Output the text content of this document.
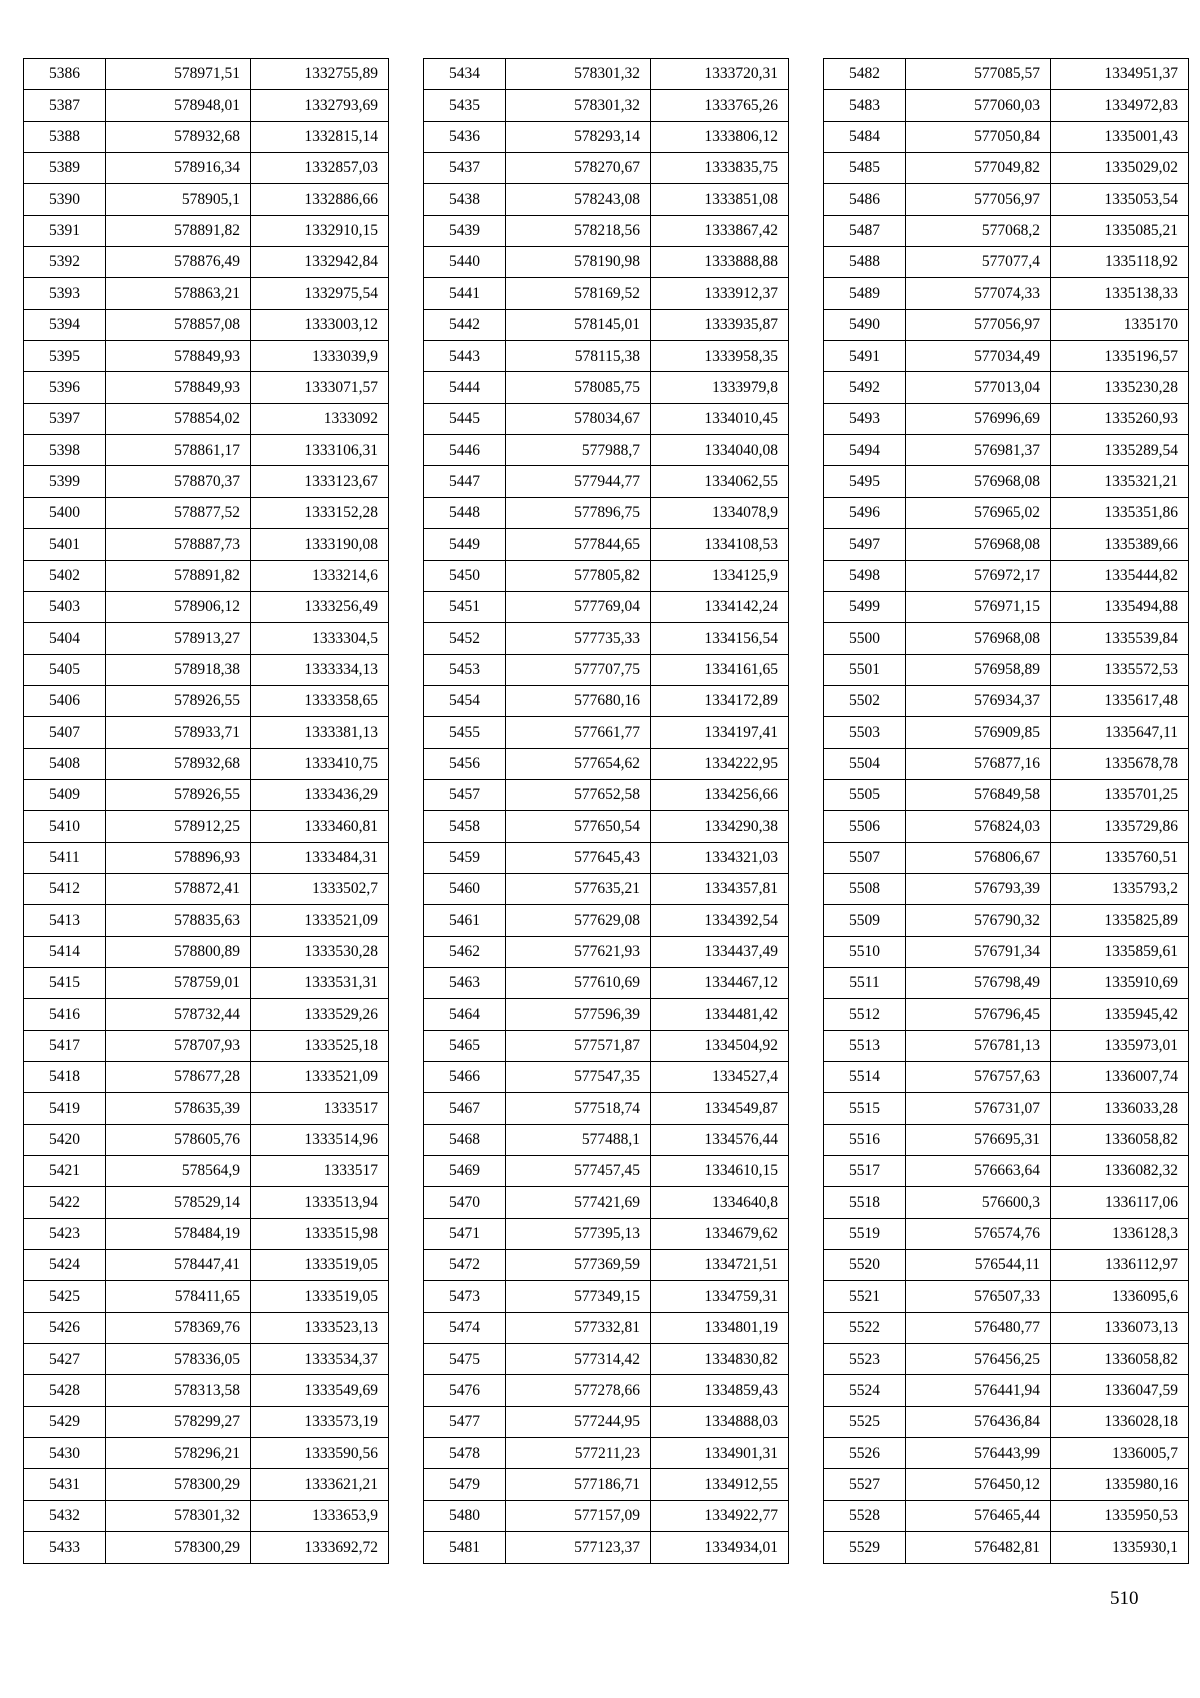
5386	578971,51	1332755,89
5387	578948,01	1332793,69
5388	578932,68	1332815,14
5389	578916,34	1332857,03
5390	578905,1	1332886,66
5391	578891,82	1332910,15
5392	578876,49	1332942,84
5393	578863,21	1332975,54
5394	578857,08	1333003,12
5395	578849,93	1333039,9
5396	578849,93	1333071,57
5397	578854,02	1333092
5398	578861,17	1333106,31
5399	578870,37	1333123,67
5400	578877,52	1333152,28
5401	578887,73	1333190,08
5402	578891,82	1333214,6
5403	578906,12	1333256,49
5404	578913,27	1333304,5
5405	578918,38	1333334,13
5406	578926,55	1333358,65
5407	578933,71	1333381,13
5408	578932,68	1333410,75
5409	578926,55	1333436,29
5410	578912,25	1333460,81
5411	578896,93	1333484,31
5412	578872,41	1333502,7
5413	578835,63	1333521,09
5414	578800,89	1333530,28
5415	578759,01	1333531,31
5416	578732,44	1333529,26
5417	578707,93	1333525,18
5418	578677,28	1333521,09
5419	578635,39	1333517
5420	578605,76	1333514,96
5421	578564,9	1333517
5422	578529,14	1333513,94
5423	578484,19	1333515,98
5424	578447,41	1333519,05
5425	578411,65	1333519,05
5426	578369,76	1333523,13
5427	578336,05	1333534,37
5428	578313,58	1333549,69
5429	578299,27	1333573,19
5430	578296,21	1333590,56
5431	578300,29	1333621,21
5432	578301,32	1333653,9
5433	578300,29	1333692,72
5434	578301,32	1333720,31
5435	578301,32	1333765,26
5436	578293,14	1333806,12
5437	578270,67	1333835,75
5438	578243,08	1333851,08
5439	578218,56	1333867,42
5440	578190,98	1333888,88
5441	578169,52	1333912,37
5442	578145,01	1333935,87
5443	578115,38	1333958,35
5444	578085,75	1333979,8
5445	578034,67	1334010,45
5446	577988,7	1334040,08
5447	577944,77	1334062,55
5448	577896,75	1334078,9
5449	577844,65	1334108,53
5450	577805,82	1334125,9
5451	577769,04	1334142,24
5452	577735,33	1334156,54
5453	577707,75	1334161,65
5454	577680,16	1334172,89
5455	577661,77	1334197,41
5456	577654,62	1334222,95
5457	577652,58	1334256,66
5458	577650,54	1334290,38
5459	577645,43	1334321,03
5460	577635,21	1334357,81
5461	577629,08	1334392,54
5462	577621,93	1334437,49
5463	577610,69	1334467,12
5464	577596,39	1334481,42
5465	577571,87	1334504,92
5466	577547,35	1334527,4
5467	577518,74	1334549,87
5468	577488,1	1334576,44
5469	577457,45	1334610,15
5470	577421,69	1334640,8
5471	577395,13	1334679,62
5472	577369,59	1334721,51
5473	577349,15	1334759,31
5474	577332,81	1334801,19
5475	577314,42	1334830,82
5476	577278,66	1334859,43
5477	577244,95	1334888,03
5478	577211,23	1334901,31
5479	577186,71	1334912,55
5480	577157,09	1334922,77
5481	577123,37	1334934,01
5482	577085,57	1334951,37
5483	577060,03	1334972,83
5484	577050,84	1335001,43
5485	577049,82	1335029,02
5486	577056,97	1335053,54
5487	577068,2	1335085,21
5488	577077,4	1335118,92
5489	577074,33	1335138,33
5490	577056,97	1335170
5491	577034,49	1335196,57
5492	577013,04	1335230,28
5493	576996,69	1335260,93
5494	576981,37	1335289,54
5495	576968,08	1335321,21
5496	576965,02	1335351,86
5497	576968,08	1335389,66
5498	576972,17	1335444,82
5499	576971,15	1335494,88
5500	576968,08	1335539,84
5501	576958,89	1335572,53
5502	576934,37	1335617,48
5503	576909,85	1335647,11
5504	576877,16	1335678,78
5505	576849,58	1335701,25
5506	576824,03	1335729,86
5507	576806,67	1335760,51
5508	576793,39	1335793,2
5509	576790,32	1335825,89
5510	576791,34	1335859,61
5511	576798,49	1335910,69
5512	576796,45	1335945,42
5513	576781,13	1335973,01
5514	576757,63	1336007,74
5515	576731,07	1336033,28
5516	576695,31	1336058,82
5517	576663,64	1336082,32
5518	576600,3	1336117,06
5519	576574,76	1336128,3
5520	576544,11	1336112,97
5521	576507,33	1336095,6
5522	576480,77	1336073,13
5523	576456,25	1336058,82
5524	576441,94	1336047,59
5525	576436,84	1336028,18
5526	576443,99	1336005,7
5527	576450,12	1335980,16
5528	576465,44	1335950,53
5529	576482,81	1335930,1
510
